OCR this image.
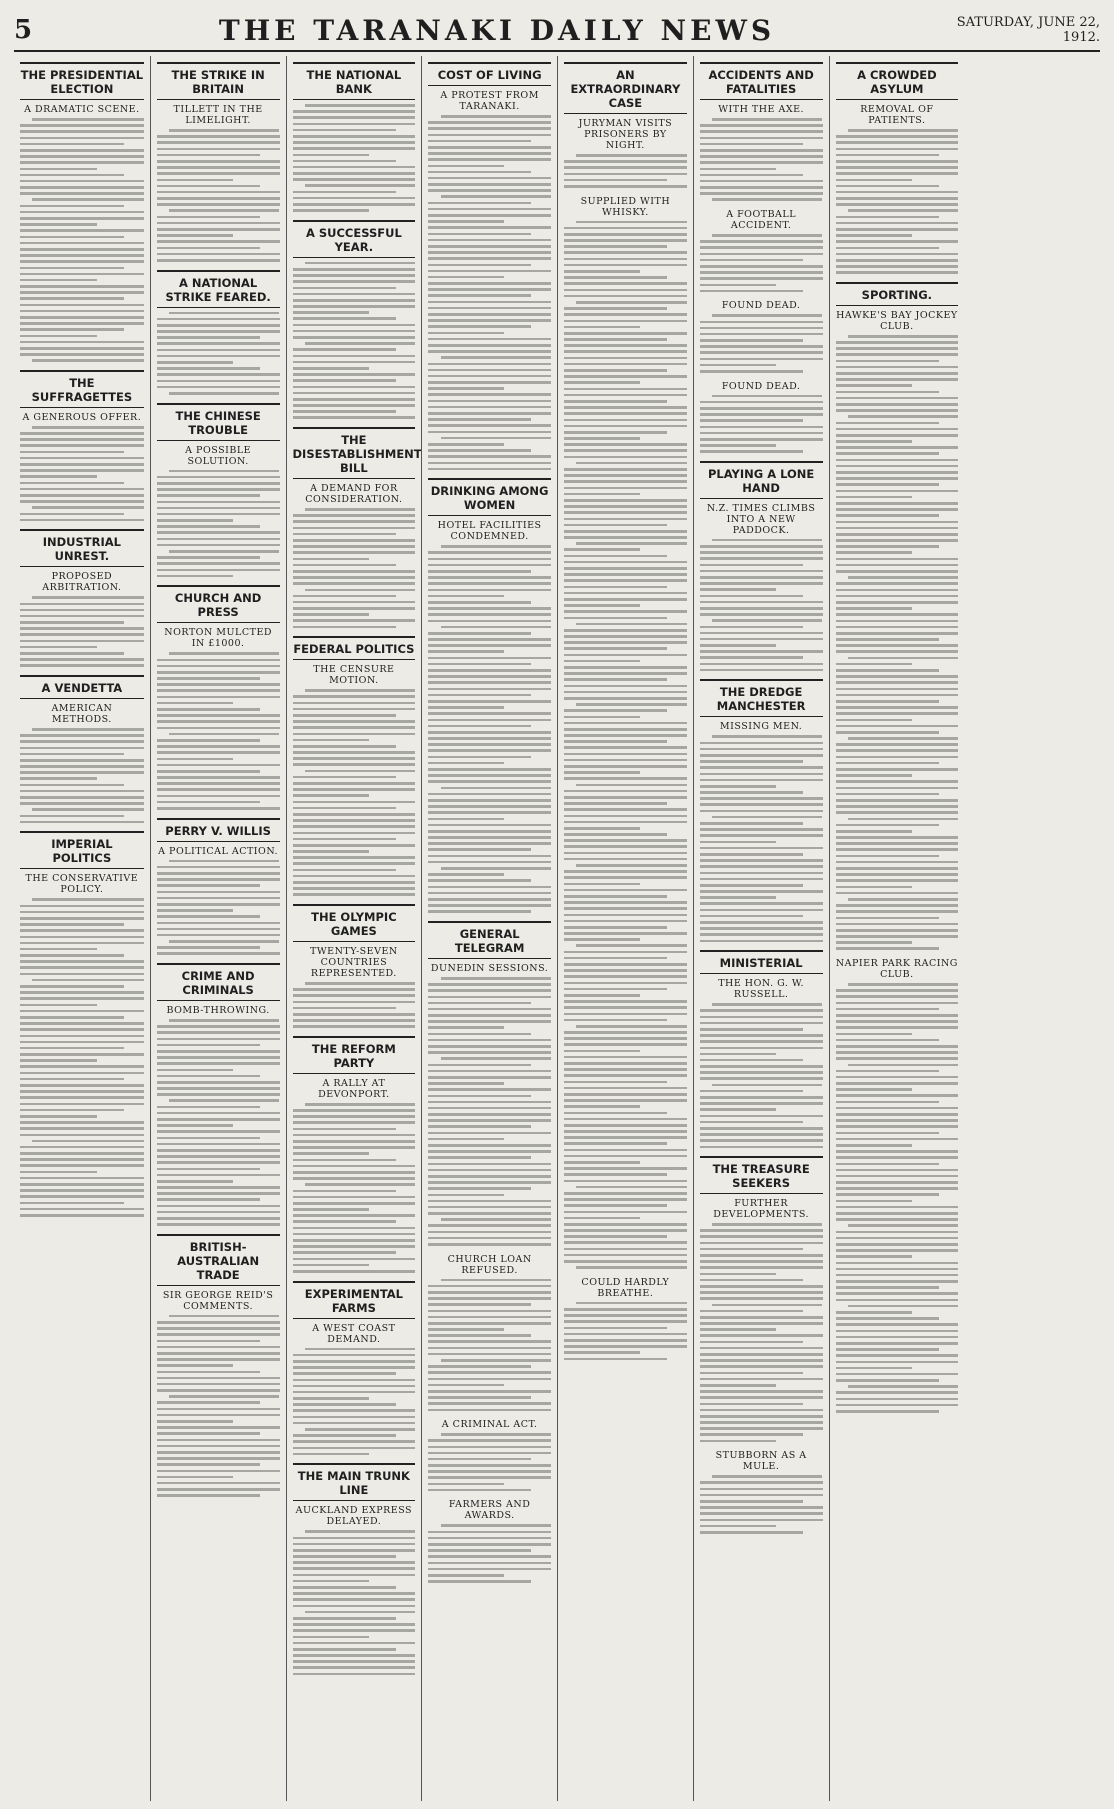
5	THE TARANAKI DAILY NEWS	SATURDAY, JUNE 22, 1912.
THE PRESIDENTIAL ELECTION
A DRAMATIC SCENE.
THE SUFFRAGETTES
A GENEROUS OFFER.
INDUSTRIAL UNREST.
PROPOSED ARBITRATION.
A VENDETTA
AMERICAN METHODS.
IMPERIAL POLITICS
THE CONSERVATIVE POLICY.
THE STRIKE IN BRITAIN
TILLETT IN THE LIMELIGHT.
A NATIONAL STRIKE FEARED.
THE CHINESE TROUBLE
A POSSIBLE SOLUTION.
CHURCH AND PRESS
NORTON MULCTED IN £1000.
PERRY V. WILLIS
A POLITICAL ACTION.
CRIME AND CRIMINALS
BOMB-THROWING.
BRITISH-AUSTRALIAN TRADE
SIR GEORGE REID'S COMMENTS.
THE NATIONAL BANK
A SUCCESSFUL YEAR.
THE DISESTABLISHMENT BILL
A DEMAND FOR CONSIDERATION.
FEDERAL POLITICS
THE CENSURE MOTION.
THE OLYMPIC GAMES
TWENTY-SEVEN COUNTRIES REPRESENTED.
THE REFORM PARTY
A RALLY AT DEVONPORT.
EXPERIMENTAL FARMS
A WEST COAST DEMAND.
THE MAIN TRUNK LINE
AUCKLAND EXPRESS DELAYED.
COST OF LIVING
A PROTEST FROM TARANAKI.
DRINKING AMONG WOMEN
HOTEL FACILITIES CONDEMNED.
GENERAL TELEGRAM
DUNEDIN SESSIONS.
CHURCH LOAN REFUSED.
A CRIMINAL ACT.
FARMERS AND AWARDS.
AN EXTRAORDINARY CASE
JURYMAN VISITS PRISONERS BY NIGHT.
SUPPLIED WITH WHISKY.
COULD HARDLY BREATHE.
ACCIDENTS AND FATALITIES
WITH THE AXE.
A FOOTBALL ACCIDENT.
FOUND DEAD.
FOUND DEAD.
PLAYING A LONE HAND
N.Z. TIMES CLIMBS INTO A NEW PADDOCK.
THE DREDGE MANCHESTER
MISSING MEN.
MINISTERIAL
THE HON. G. W. RUSSELL.
THE TREASURE SEEKERS
FURTHER DEVELOPMENTS.
STUBBORN AS A MULE.
A CROWDED ASYLUM
REMOVAL OF PATIENTS.
SPORTING.
HAWKE'S BAY JOCKEY CLUB.
NAPIER PARK RACING CLUB.
